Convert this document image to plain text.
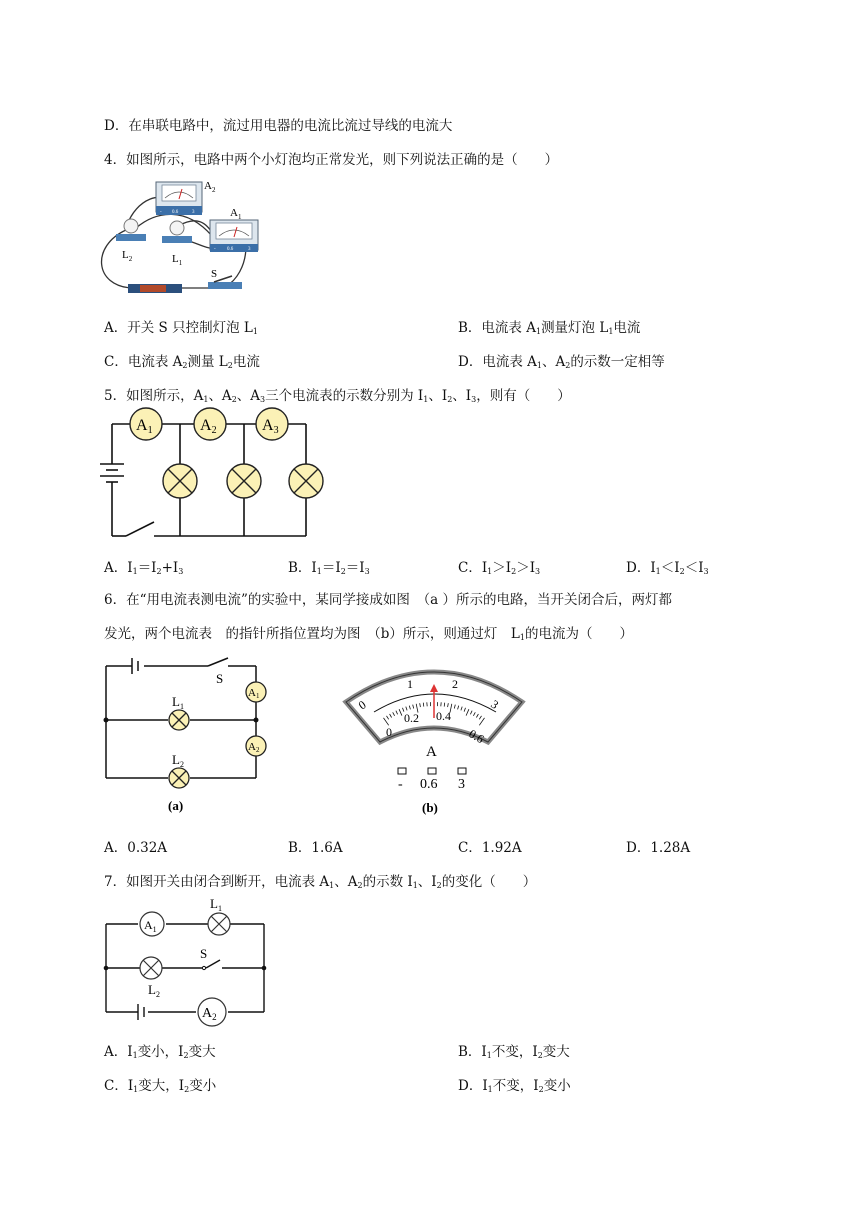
D．在串联电路中，流过用电器的电流比流过导线的电流大
4．如图所示，电路中两个小灯泡均正常发光，则下列说法正确的是（　　）
- 0.6	3
$A_2$
- 0.6	3
$A_1$
$L_2$	$L_1$
S
A．开关 S 只控制灯泡 $L_1$	B．电流表 $A_1$测量灯泡 $L_1$电流
C．电流表 $A_2$测量 $L_2$电流	D．电流表 $A_1$、$A_2$的示数一定相等
5．如图所示，$A_1$、$A_2$、$A_3$三个电流表的示数分别为 $I_1$、$I_2$、$I_3$，则有（　　）
A1	A2	A3
A．$I_1=I_2+I_3$	B．$I_1=I_2=I_3$	C．$I_1>I_2>I_3$	D．$I_1<I_2<I_3$
6．在“用电流表测电流”的实验中，某同学接成如图　（a ）所示的电路，当开关闭合后，两灯都
发光，两个电流表　的指针所指位置均为图　（b）所示，则通过灯　$L_1$的电流为（　　）
S
A1
A2
$L_1$
$L_2$
(a)
0
1	2
3
0
0.2 0.4
0.6
A
- 0.6 3
(b)
A．0.32A	B．1.6A	C．1.92A	D．1.28A
7．如图开关由闭合到断开，电流表 $A_1$、$A_2$的示数 $I_1$、$I_2$的变化（　　）
$A_1$
$A_2$
$L_1$
$L_2$
S
A．$I_1$变小，$I_2$变大	B．$I_1$不变，$I_2$变大
C．$I_1$变大，$I_2$变小	D．$I_1$不变，$I_2$变小
